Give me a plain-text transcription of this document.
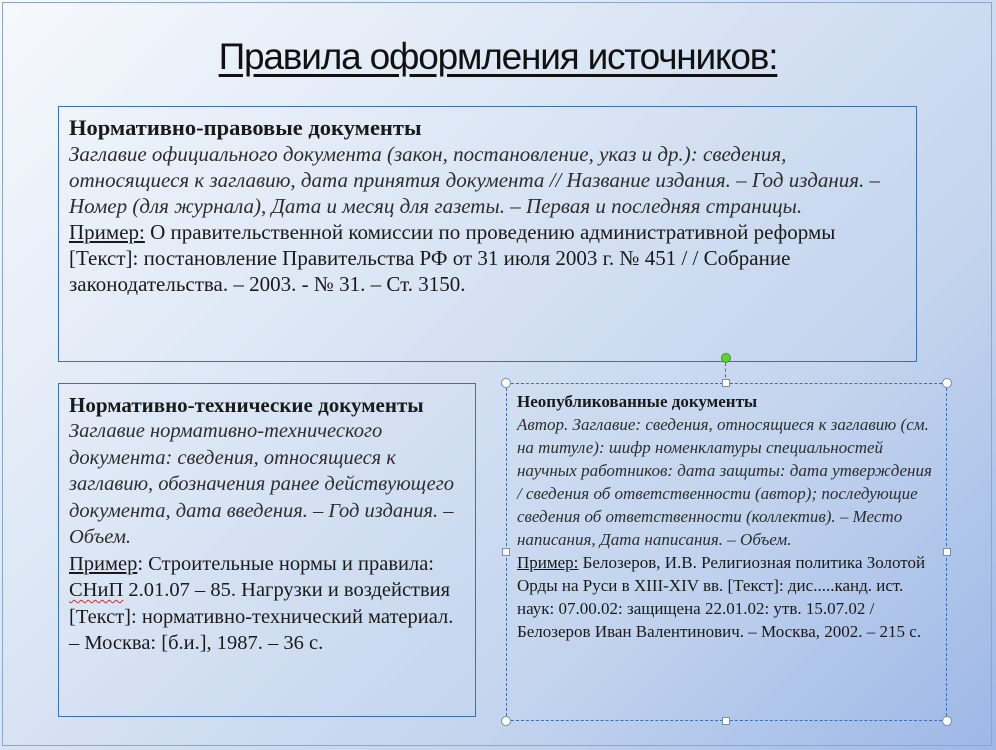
Правила оформления источников:
Нормативно-правовые документы
Заглавие официального документа (закон, постановление, указ и др.): сведения, относящиеся к заглавию, дата принятия документа // Название издания. – Год издания. – Номер (для журнала), Дата и месяц для газеты. – Первая и последняя страницы.
Пример: О правительственной комиссии по проведению административной реформы [Текст]: постановление Правительства РФ от 31 июля 2003 г. № 451 / / Собрание законодательства. – 2003. - № 31. – Ст. 3150.
Нормативно-технические документы
Заглавие нормативно-технического документа: сведения, относящиеся к заглавию, обозначения ранее действующего документа, дата введения. – Год издания. – Объем.
Пример: Строительные нормы и правила: СНиП 2.01.07 – 85. Нагрузки и воздействия [Текст]: нормативно-технический материал. – Москва: [б.и.], 1987. – 36 с.
Неопубликованные документы
Автор. Заглавие: сведения, относящиеся к заглавию (см. на титуле): шифр номенклатуры специальностей научных работников: дата защиты: дата утверждения / сведения об ответственности (автор); последующие сведения об ответственности (коллектив). – Место написания, Дата написания. – Объем.
Пример: Белозеров, И.В. Религиозная политика Золотой Орды на Руси в XIII-XIV вв. [Текст]: дис.....канд. ист. наук: 07.00.02: защищена 22.01.02: утв. 15.07.02 / Белозеров Иван Валентинович. – Москва, 2002. – 215 с.
